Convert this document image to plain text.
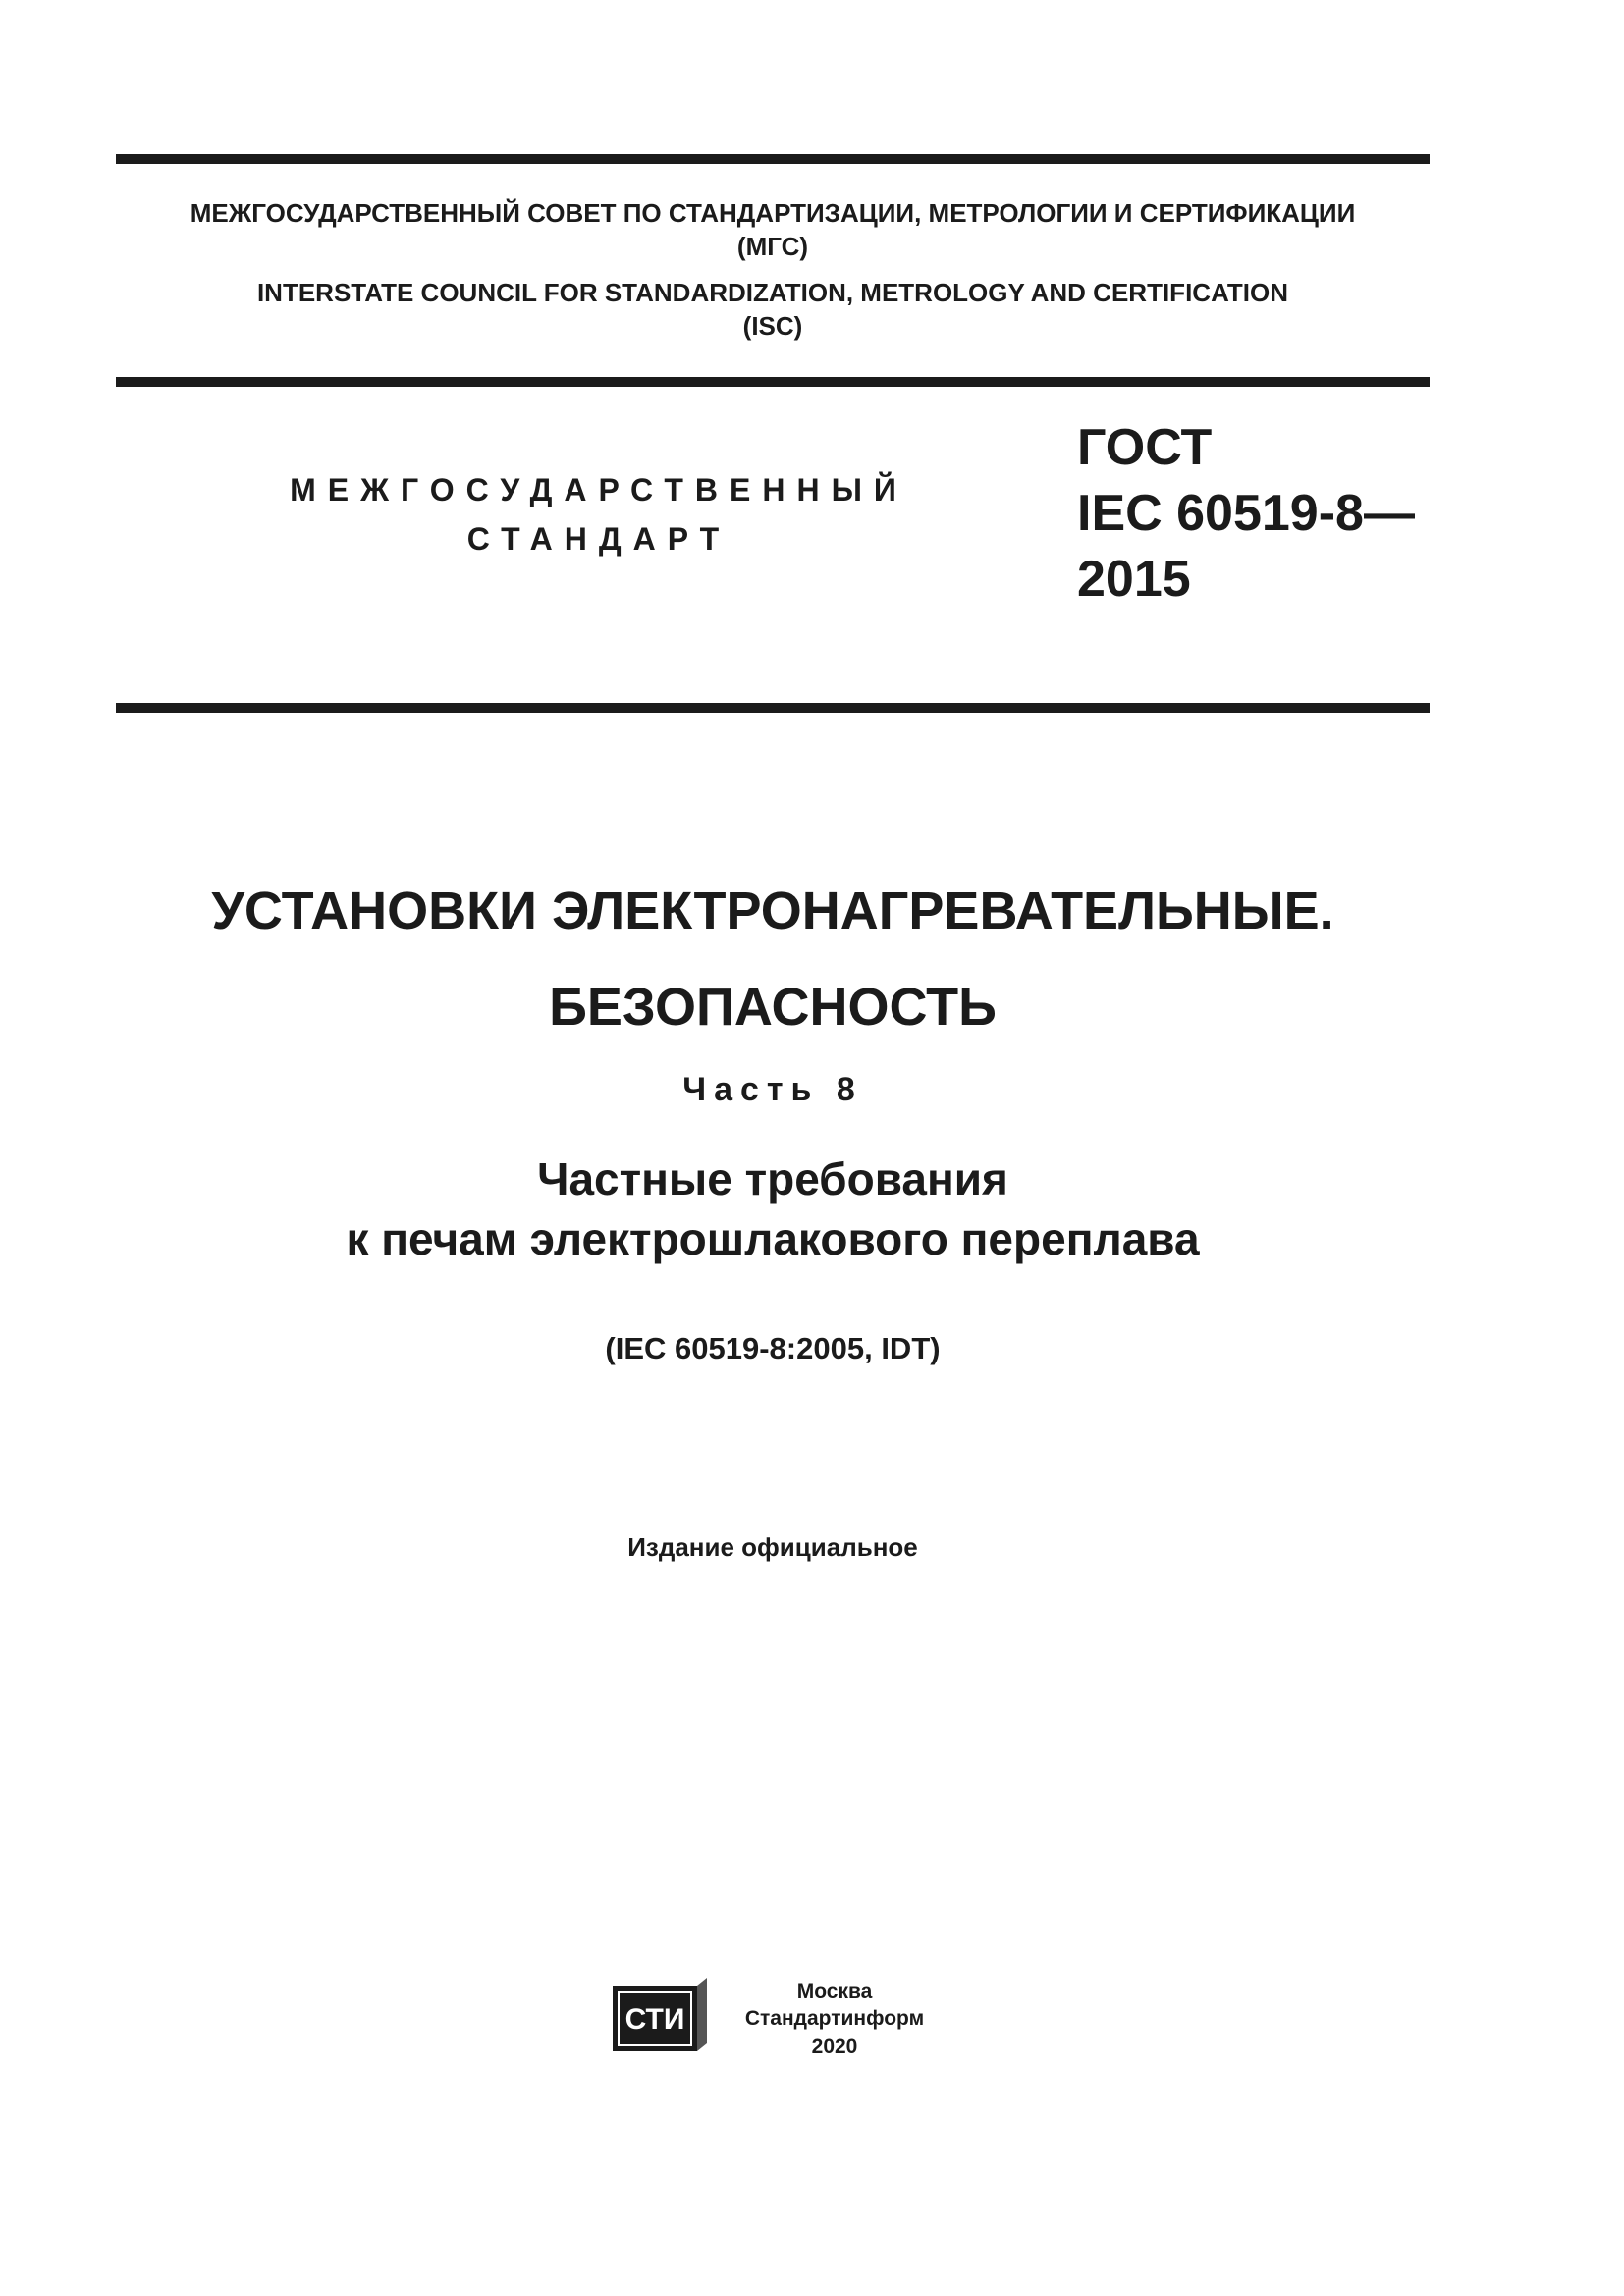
МЕЖГОСУДАРСТВЕННЫЙ СОВЕТ ПО СТАНДАРТИЗАЦИИ, МЕТРОЛОГИИ И СЕРТИФИКАЦИИ
(МГС)
INTERSTATE COUNCIL FOR STANDARDIZATION, METROLOGY AND CERTIFICATION
(ISC)
МЕЖГОСУДАРСТВЕННЫЙ
СТАНДАРТ
ГОСТ
IEC 60519-8—
2015
УСТАНОВКИ ЭЛЕКТРОНАГРЕВАТЕЛЬНЫЕ.
БЕЗОПАСНОСТЬ
Часть 8
Частные требования
к печам электрошлакового переплава
(IEC 60519-8:2005, IDT)
Издание официальное
СТИ
Москва
Стандартинформ
2020
